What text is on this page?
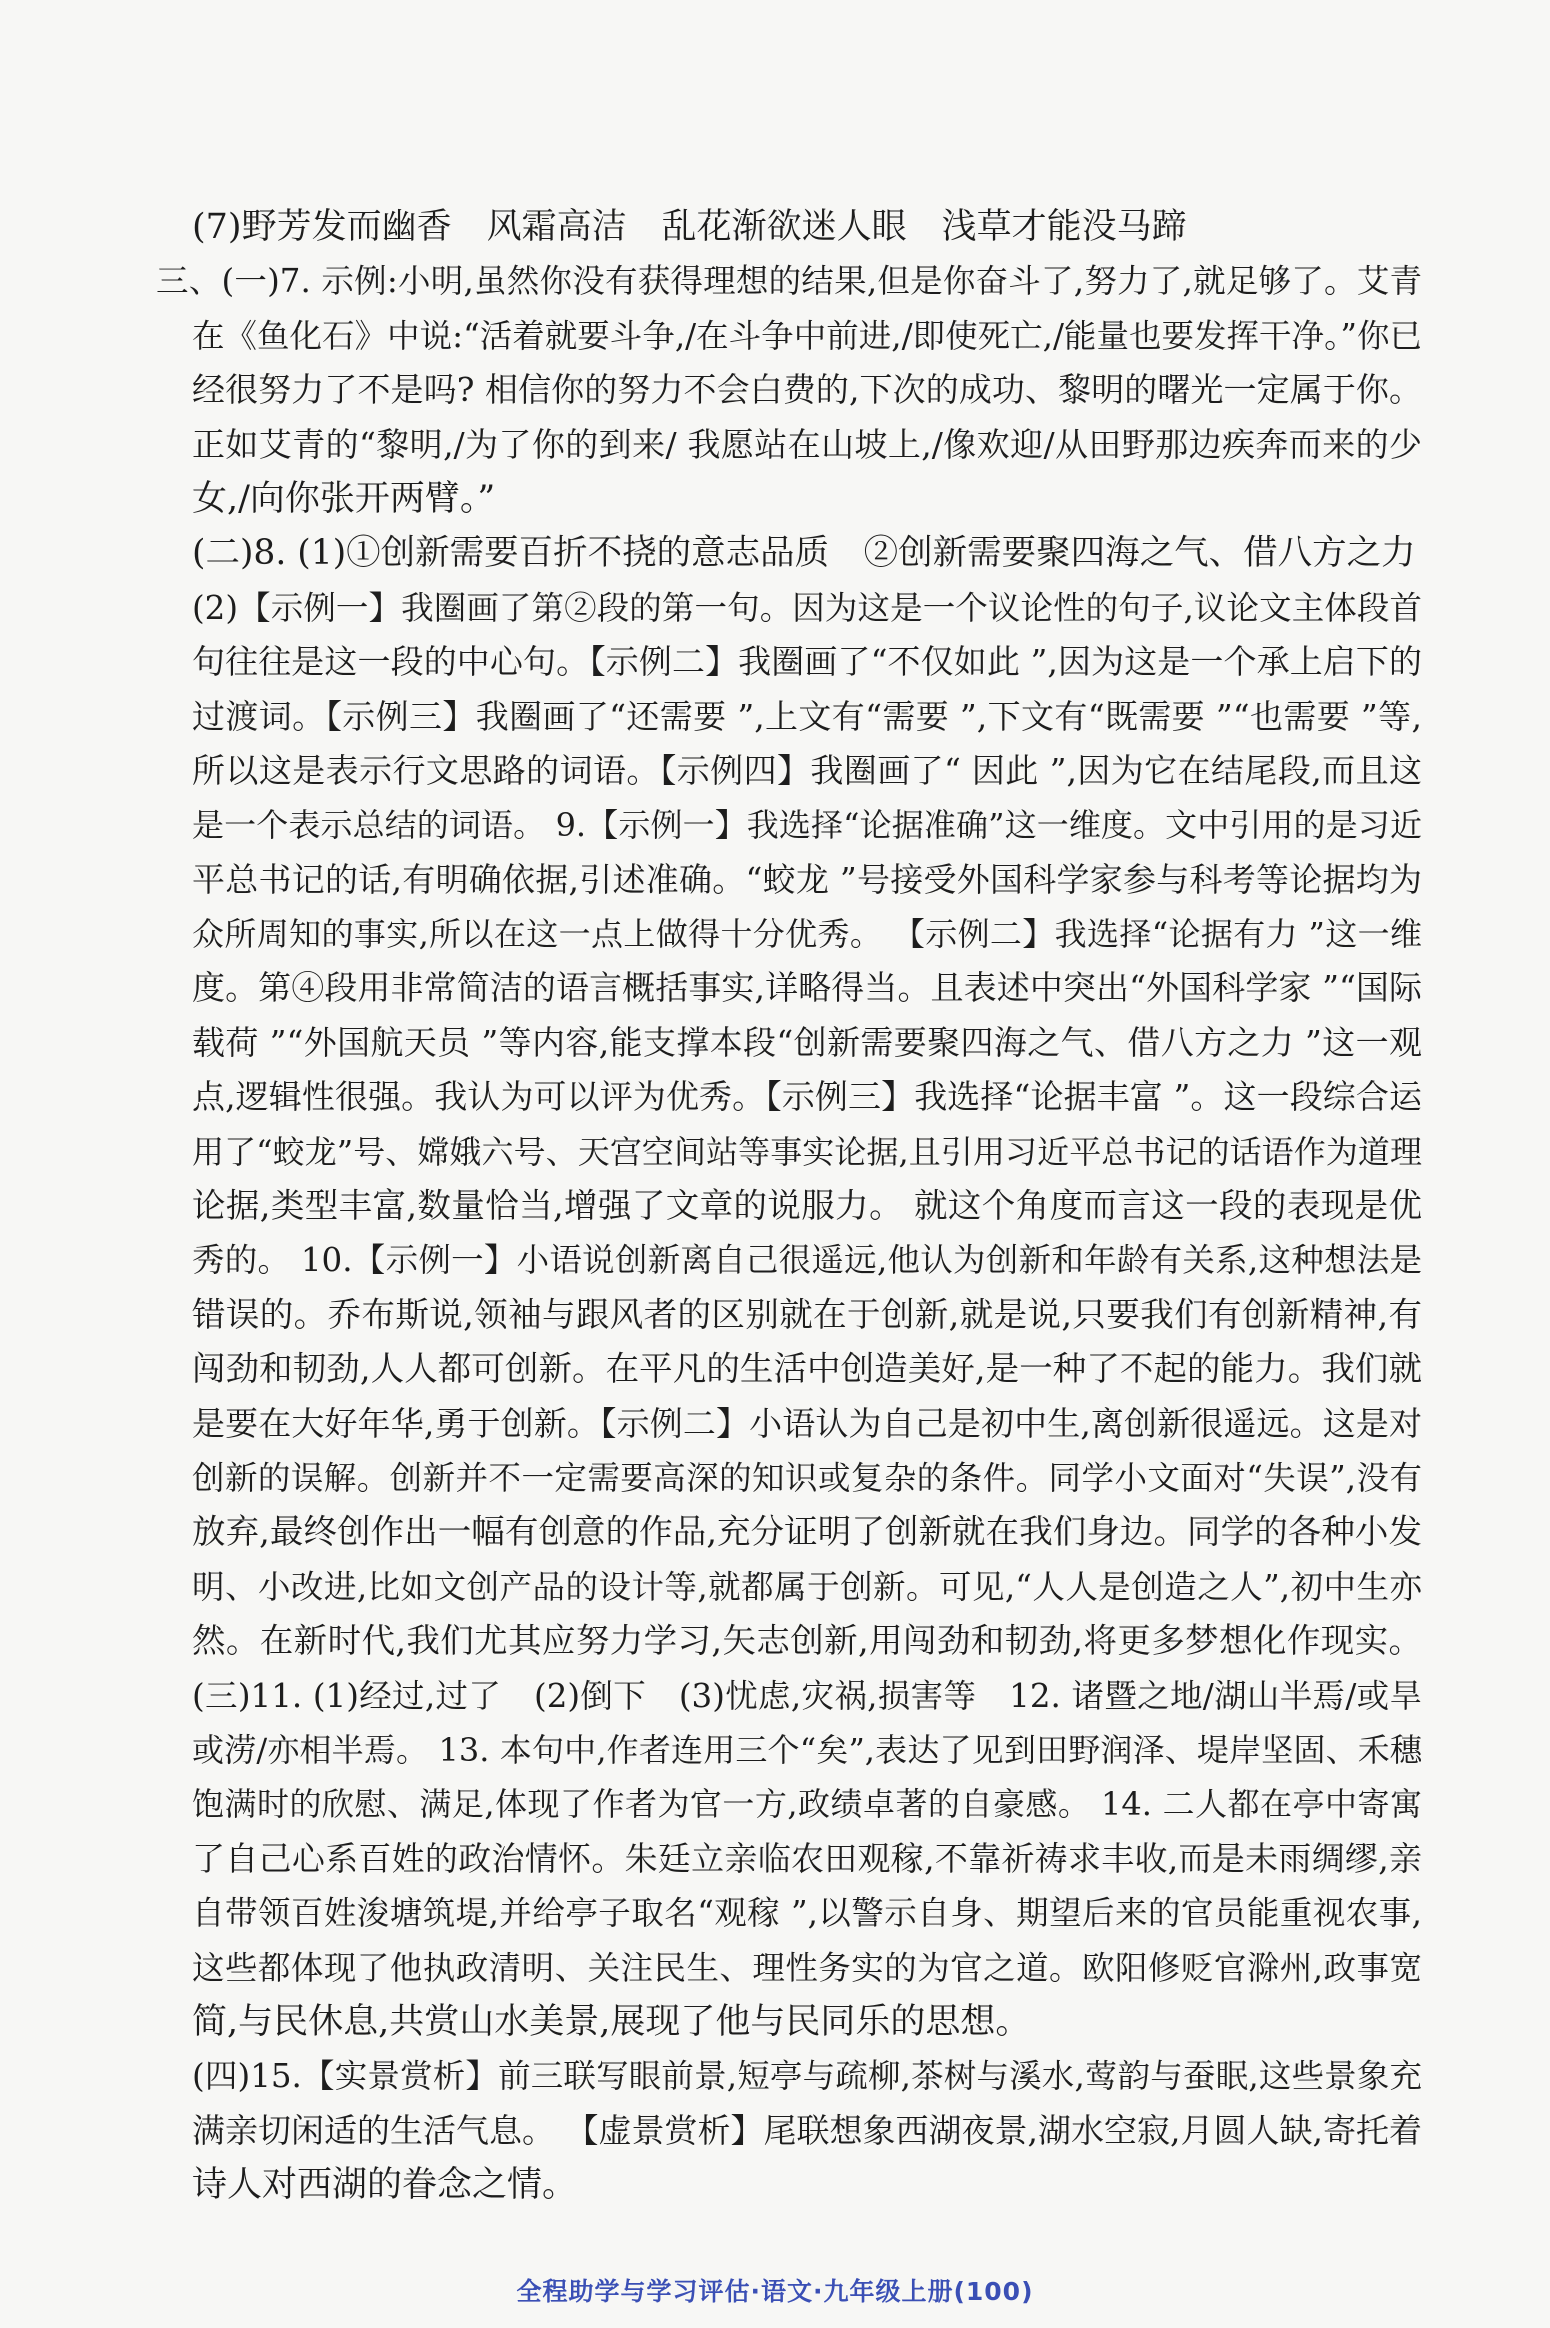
(7)野芳发而幽香　风霜高洁　乱花渐欲迷人眼　浅草才能没马蹄
三、(一)7. 示例:小明,虽然你没有获得理想的结果,但是你奋斗了,努力了,就足够了。艾青
在《鱼化石》中说:“活着就要斗争,/在斗争中前进,/即使死亡,/能量也要发挥干净。”你已
经很努力了不是吗? 相信你的努力不会白费的,下次的成功、黎明的曙光一定属于你。
正如艾青的“黎明,/为了你的到来/ 我愿站在山坡上,/像欢迎/从田野那边疾奔而来的少
女,/向你张开两臂。”
(二)8. (1)①创新需要百折不挠的意志品质　②创新需要聚四海之气、借八方之力
(2)【示例一】我圈画了第②段的第一句。因为这是一个议论性的句子,议论文主体段首
句往往是这一段的中心句。【示例二】我圈画了“不仅如此 ”,因为这是一个承上启下的
过渡词。【示例三】我圈画了“还需要 ”,上文有“需要 ”,下文有“既需要 ”“也需要 ”等,
所以这是表示行文思路的词语。【示例四】我圈画了“ 因此 ”,因为它在结尾段,而且这
是一个表示总结的词语。 9.【示例一】我选择“论据准确”这一维度。文中引用的是习近
平总书记的话,有明确依据,引述准确。“蛟龙 ”号接受外国科学家参与科考等论据均为
众所周知的事实,所以在这一点上做得十分优秀。 【示例二】我选择“论据有力 ”这一维
度。第④段用非常简洁的语言概括事实,详略得当。且表述中突出“外国科学家 ”“国际
载荷 ”“外国航天员 ”等内容,能支撑本段“创新需要聚四海之气、借八方之力 ”这一观
点,逻辑性很强。我认为可以评为优秀。【示例三】我选择“论据丰富 ”。这一段综合运
用了“蛟龙”号、嫦娥六号、天宫空间站等事实论据,且引用习近平总书记的话语作为道理
论据,类型丰富,数量恰当,增强了文章的说服力。 就这个角度而言这一段的表现是优
秀的。 10.【示例一】小语说创新离自己很遥远,他认为创新和年龄有关系,这种想法是
错误的。乔布斯说,领袖与跟风者的区别就在于创新,就是说,只要我们有创新精神,有
闯劲和韧劲,人人都可创新。在平凡的生活中创造美好,是一种了不起的能力。我们就
是要在大好年华,勇于创新。【示例二】小语认为自己是初中生,离创新很遥远。这是对
创新的误解。创新并不一定需要高深的知识或复杂的条件。同学小文面对“失误”,没有
放弃,最终创作出一幅有创意的作品,充分证明了创新就在我们身边。同学的各种小发
明、小改进,比如文创产品的设计等,就都属于创新。可见,“人人是创造之人”,初中生亦
然。在新时代,我们尤其应努力学习,矢志创新,用闯劲和韧劲,将更多梦想化作现实。
(三)11. (1)经过,过了　(2)倒下　(3)忧虑,灾祸,损害等　12. 诸暨之地/湖山半焉/或旱
或涝/亦相半焉。 13. 本句中,作者连用三个“矣”,表达了见到田野润泽、堤岸坚固、禾穗
饱满时的欣慰、满足,体现了作者为官一方,政绩卓著的自豪感。 14. 二人都在亭中寄寓
了自己心系百姓的政治情怀。朱廷立亲临农田观稼,不靠祈祷求丰收,而是未雨绸缪,亲
自带领百姓浚塘筑堤,并给亭子取名“观稼 ”,以警示自身、期望后来的官员能重视农事,
这些都体现了他执政清明、关注民生、理性务实的为官之道。欧阳修贬官滁州,政事宽
简,与民休息,共赏山水美景,展现了他与民同乐的思想。
(四)15.【实景赏析】前三联写眼前景,短亭与疏柳,茶树与溪水,莺韵与蚕眠,这些景象充
满亲切闲适的生活气息。 【虚景赏析】尾联想象西湖夜景,湖水空寂,月圆人缺,寄托着
诗人对西湖的眷念之情。
全程助学与学习评估·语文·九年级上册(100)
